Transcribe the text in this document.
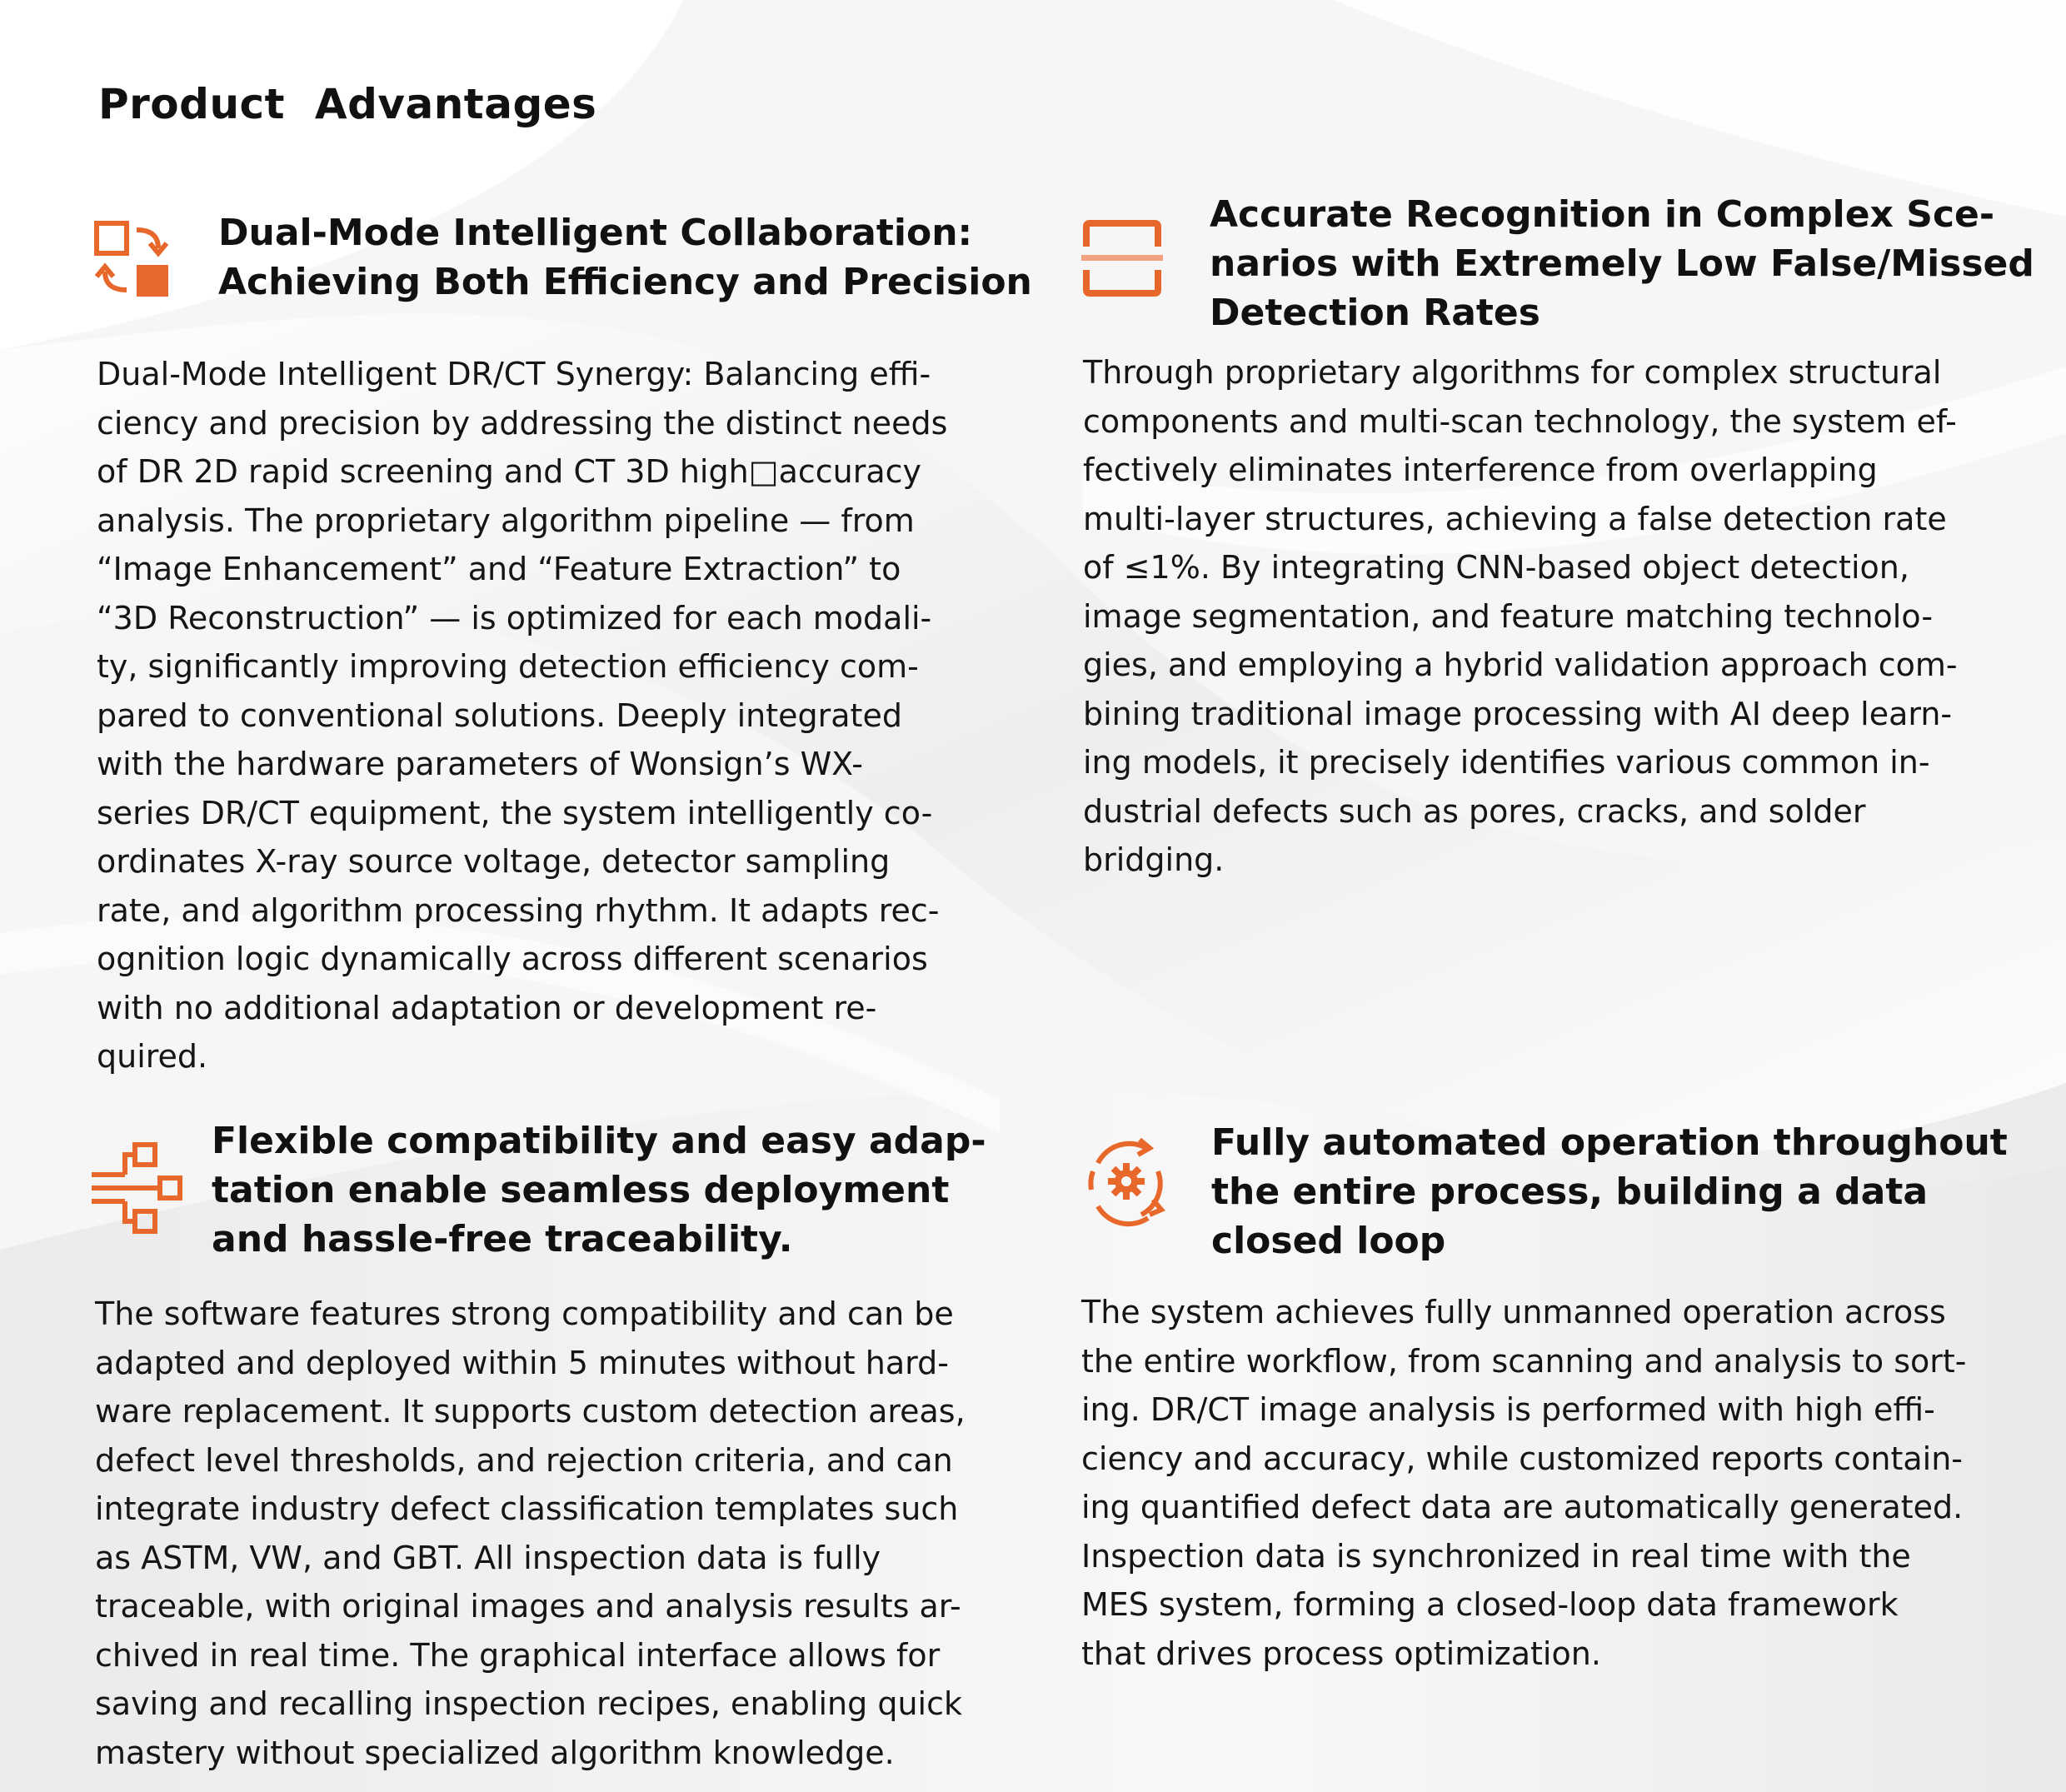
Product  Advantages
Dual-Mode Intelligent Collaboration:
Achieving Both Efficiency and Precision
Dual-Mode Intelligent DR/CT Synergy: Balancing effi-
ciency and precision by addressing the distinct needs
of DR 2D rapid screening and CT 3D high□accuracy
analysis. The proprietary algorithm pipeline — from
“Image Enhancement” and “Feature Extraction” to
“3D Reconstruction” — is optimized for each modali-
ty, significantly improving detection efficiency com-
pared to conventional solutions. Deeply integrated
with the hardware parameters of Wonsign’s WX-
series DR/CT equipment, the system intelligently co-
ordinates X-ray source voltage, detector sampling
rate, and algorithm processing rhythm. It adapts rec-
ognition logic dynamically across different scenarios
with no additional adaptation or development re-
quired.
Accurate Recognition in Complex Sce-
narios with Extremely Low False/Missed
Detection Rates
Through proprietary algorithms for complex structural
components and multi-scan technology, the system ef-
fectively eliminates interference from overlapping
multi-layer structures, achieving a false detection rate
of ≤1%. By integrating CNN-based object detection,
image segmentation, and feature matching technolo-
gies, and employing a hybrid validation approach com-
bining traditional image processing with AI deep learn-
ing models, it precisely identifies various common in-
dustrial defects such as pores, cracks, and solder
bridging.
Flexible compatibility and easy adap-
tation enable seamless deployment
and hassle-free traceability.
The software features strong compatibility and can be
adapted and deployed within 5 minutes without hard-
ware replacement. It supports custom detection areas,
defect level thresholds, and rejection criteria, and can
integrate industry defect classification templates such
as ASTM, VW, and GBT. All inspection data is fully
traceable, with original images and analysis results ar-
chived in real time. The graphical interface allows for
saving and recalling inspection recipes, enabling quick
mastery without specialized algorithm knowledge.
Fully automated operation throughout
the entire process, building a data
closed loop
The system achieves fully unmanned operation across
the entire workflow, from scanning and analysis to sort-
ing. DR/CT image analysis is performed with high effi-
ciency and accuracy, while customized reports contain-
ing quantified defect data are automatically generated.
Inspection data is synchronized in real time with the
MES system, forming a closed-loop data framework
that drives process optimization.
